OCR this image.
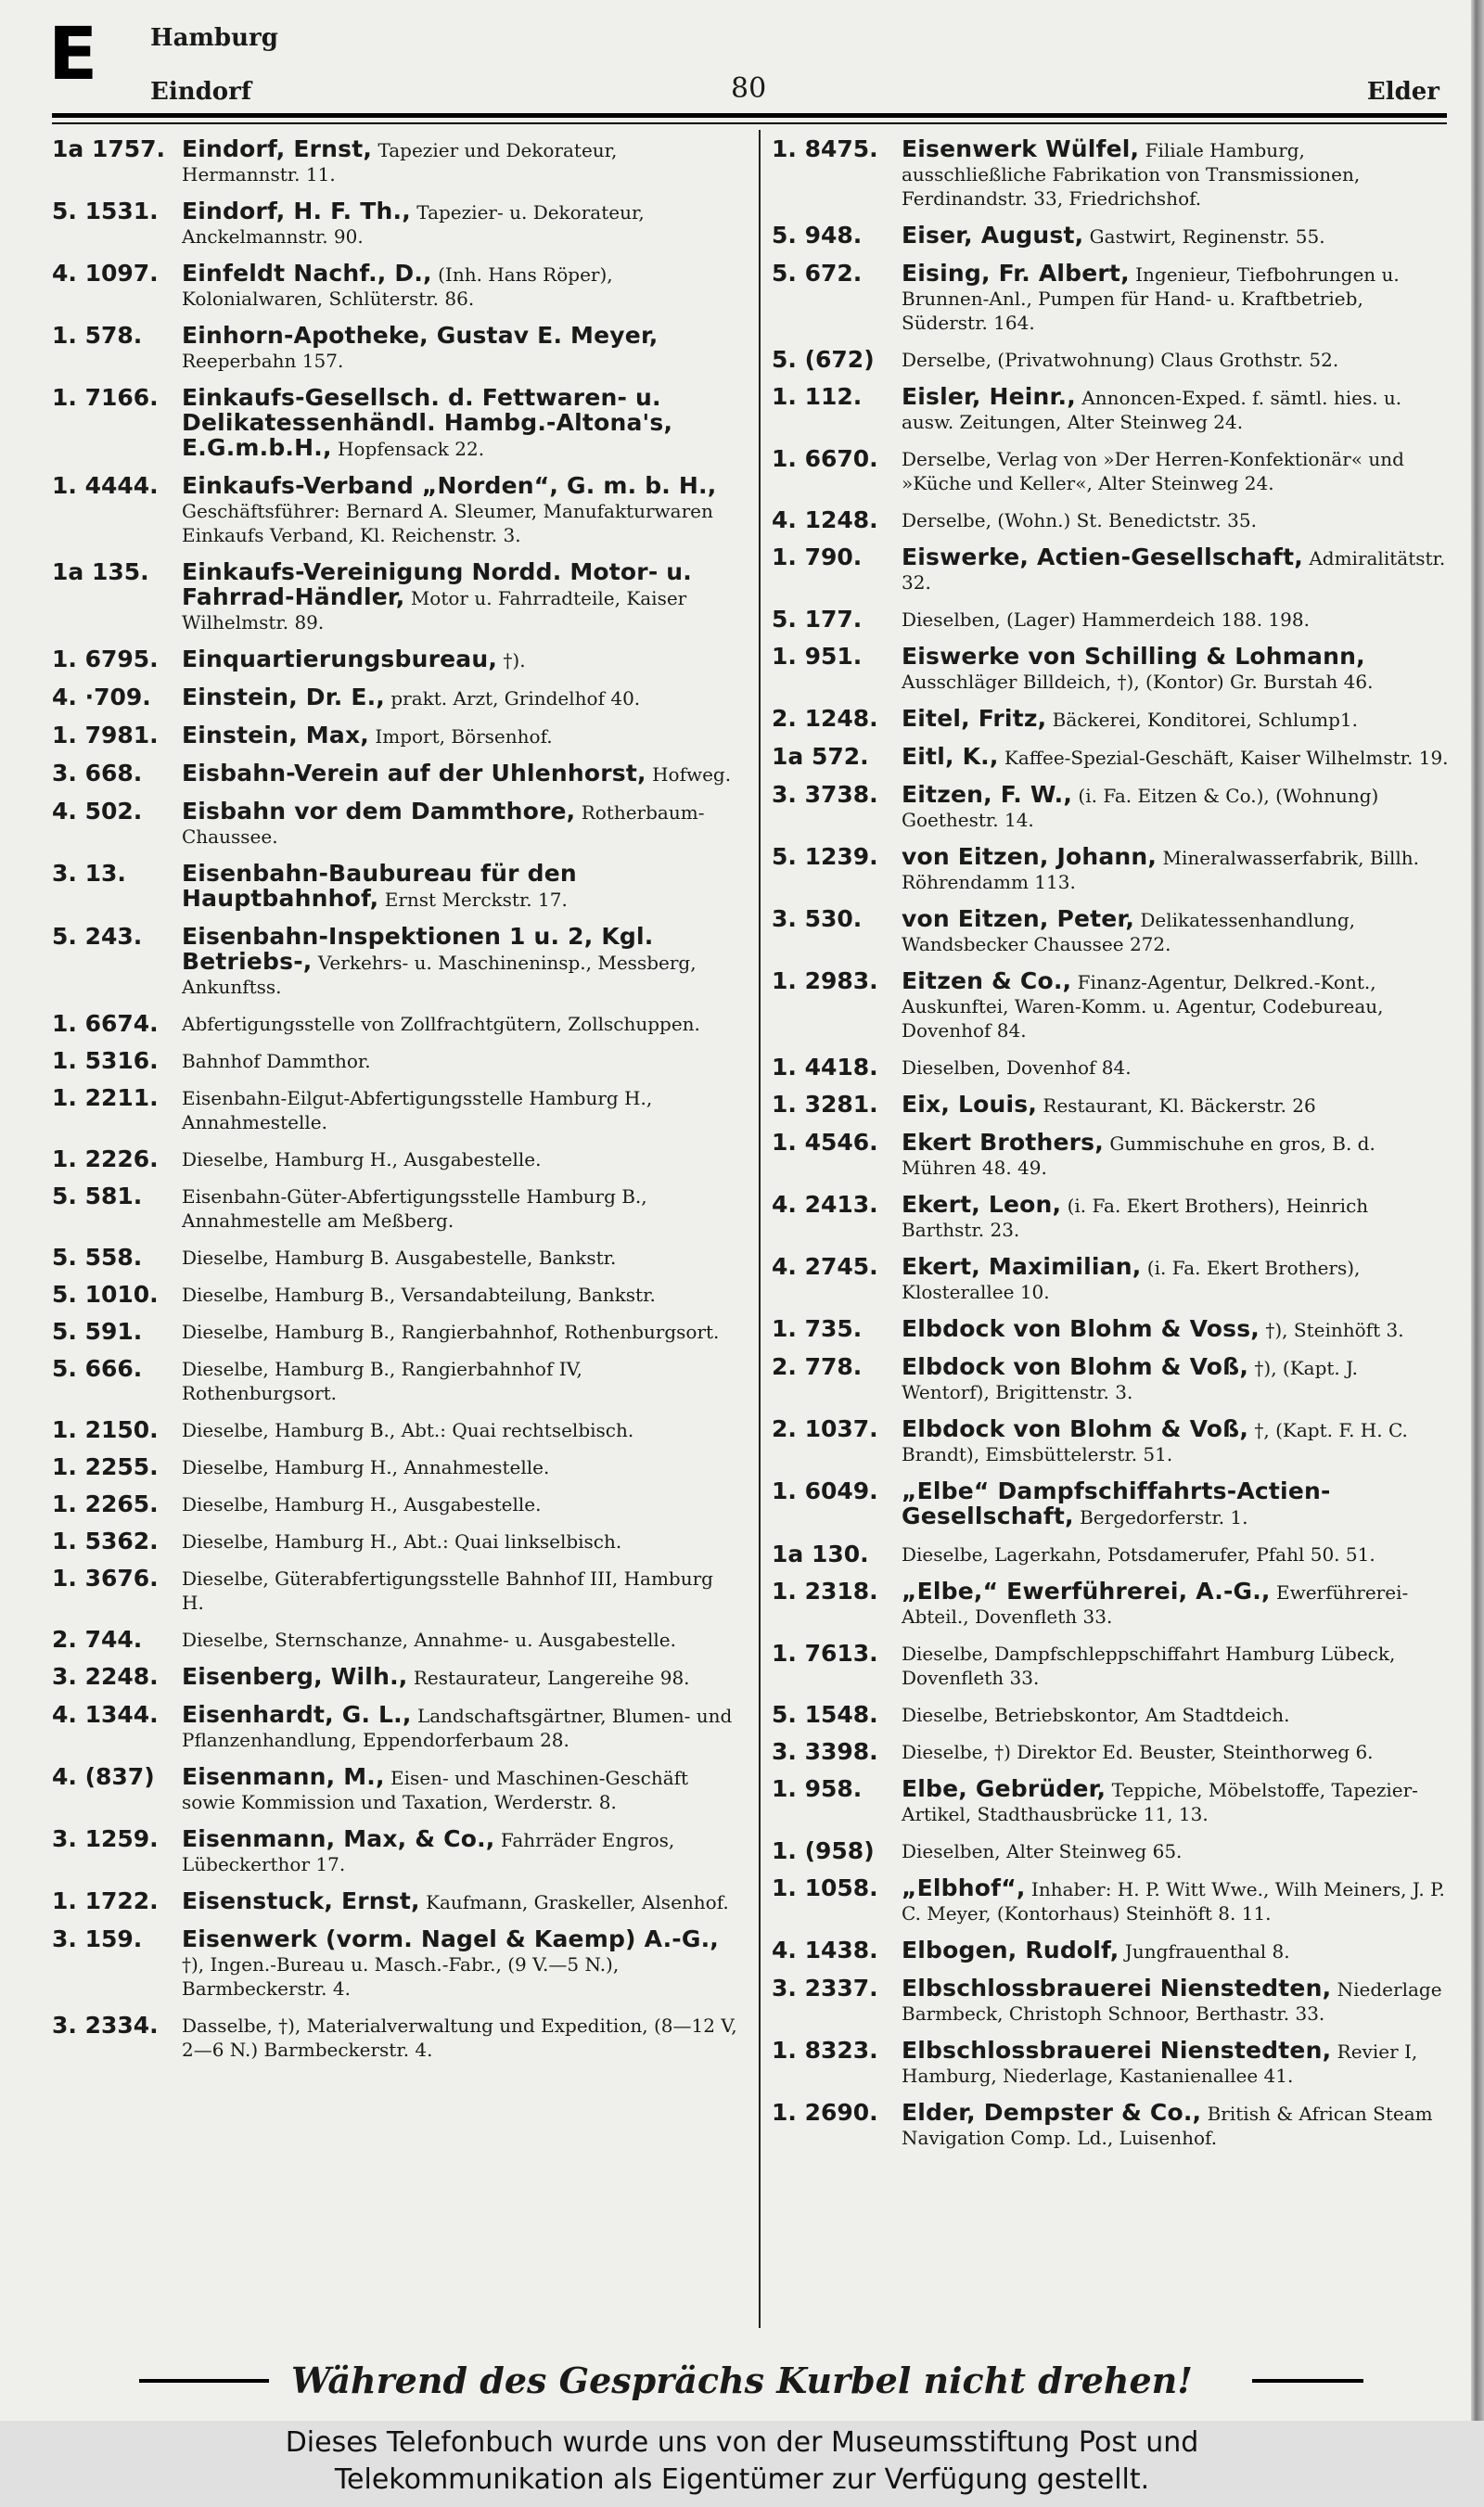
E Hamburg
Eindorf	80	Elder
1a 1757. Eindorf, Ernst, Tapezier und Dekorateur, Hermannstr. 11.
5. 1531.	Eindorf, H. F. Th., Tapezier- u. Dekorateur, Anckelmannstr. 90.
4. 1097.	Einfeldt Nachf., D., (Inh. Hans Röper), Kolonialwaren, Schlüterstr. 86.
1. 578.	Einhorn-Apotheke, Gustav E. Meyer, Reeperbahn 157.
1. 7166.	Einkaufs-Gesellsch. d. Fettwaren- u. Delikatessenhändl. Hambg.-Altona's, E.G.m.b.H., Hopfensack 22.
1. 4444.	Einkaufs-Verband „Norden“, G. m. b. H., Geschäftsführer: Bernard A. Sleumer, Manufakturwaren Einkaufs Verband, Kl. Reichenstr. 3.
1a 135.	Einkaufs-Vereinigung Nordd. Motor- u. Fahrrad-Händler, Motor u. Fahrradteile, Kaiser Wilhelmstr. 89.
1. 6795.	Einquartierungsbureau, †).
4. ·709.	Einstein, Dr. E., prakt. Arzt, Grindelhof 40.
1. 7981.	Einstein, Max, Import, Börsenhof.
3. 668.	Eisbahn-Verein auf der Uhlenhorst, Hofweg.
4. 502.	Eisbahn vor dem Dammthore, Rotherbaum-Chaussee.
3. 13.	Eisenbahn-Baubureau für den Hauptbahnhof, Ernst Merckstr. 17.
5. 243.	Eisenbahn-Inspektionen 1 u. 2, Kgl. Betriebs-, Verkehrs- u. Maschineninsp., Messberg, Ankunftss.
1. 6674.	Abfertigungsstelle von Zollfrachtgütern, Zollschuppen.
1. 5316.	Bahnhof Dammthor.
1. 2211.	Eisenbahn-Eilgut-Abfertigungsstelle Hamburg H., Annahmestelle.
1. 2226.	Dieselbe, Hamburg H., Ausgabestelle.
5. 581.	Eisenbahn-Güter-Abfertigungsstelle Hamburg B., Annahmestelle am Meßberg.
5. 558.	Dieselbe, Hamburg B. Ausgabestelle, Bankstr.
5. 1010.	Dieselbe, Hamburg B., Versandabteilung, Bankstr.
5. 591.	Dieselbe, Hamburg B., Rangierbahnhof, Rothenburgsort.
5. 666.	Dieselbe, Hamburg B., Rangierbahnhof IV, Rothenburgsort.
1. 2150.	Dieselbe, Hamburg B., Abt.: Quai rechtselbisch.
1. 2255.	Dieselbe, Hamburg H., Annahmestelle.
1. 2265.	Dieselbe, Hamburg H., Ausgabestelle.
1. 5362.	Dieselbe, Hamburg H., Abt.: Quai linkselbisch.
1. 3676.	Dieselbe, Güterabfertigungsstelle Bahnhof III, Hamburg H.
2. 744.	Dieselbe, Sternschanze, Annahme- u. Ausgabestelle.
3. 2248.	Eisenberg, Wilh., Restaurateur, Langereihe 98.
4. 1344.	Eisenhardt, G. L., Landschaftsgärtner, Blumen- und Pflanzenhandlung, Eppendorferbaum 28.
4. (837)	Eisenmann, M., Eisen- und Maschinen-Geschäft sowie Kommission und Taxation, Werderstr. 8.
3. 1259.	Eisenmann, Max, & Co., Fahrräder Engros, Lübeckerthor 17.
1. 1722.	Eisenstuck, Ernst, Kaufmann, Graskeller, Alsenhof.
3. 159.	Eisenwerk (vorm. Nagel & Kaemp) A.-G., †), Ingen.-Bureau u. Masch.-Fabr., (9 V.—5 N.), Barmbeckerstr. 4.
3. 2334.	Dasselbe, †), Materialverwaltung und Expedition, (8—12 V, 2—6 N.) Barmbeckerstr. 4.
1. 8475.	Eisenwerk Wülfel, Filiale Hamburg, ausschließliche Fabrikation von Transmissionen, Ferdinandstr. 33, Friedrichshof.
5. 948.	Eiser, August, Gastwirt, Reginenstr. 55.
5. 672.	Eising, Fr. Albert, Ingenieur, Tiefbohrungen u. Brunnen-Anl., Pumpen für Hand- u. Kraftbetrieb, Süderstr. 164.
5. (672)	Derselbe, (Privatwohnung) Claus Grothstr. 52.
1. 112.	Eisler, Heinr., Annoncen-Exped. f. sämtl. hies. u. ausw. Zeitungen, Alter Steinweg 24.
1. 6670.	Derselbe, Verlag von »Der Herren-Konfektionär« und »Küche und Keller«, Alter Steinweg 24.
4. 1248.	Derselbe, (Wohn.) St. Benedictstr. 35.
1. 790.	Eiswerke, Actien-Gesellschaft, Admiralitätstr. 32.
5. 177.	Dieselben, (Lager) Hammerdeich 188. 198.
1. 951.	Eiswerke von Schilling & Lohmann, Ausschläger Billdeich, †), (Kontor) Gr. Burstah 46.
2. 1248.	Eitel, Fritz, Bäckerei, Konditorei, Schlump1.
1a 572.	Eitl, K., Kaffee-Spezial-Geschäft, Kaiser Wilhelmstr. 19.
3. 3738.	Eitzen, F. W., (i. Fa. Eitzen & Co.), (Wohnung) Goethestr. 14.
5. 1239.	von Eitzen, Johann, Mineralwasserfabrik, Billh. Röhrendamm 113.
3. 530.	von Eitzen, Peter, Delikatessenhandlung, Wandsbecker Chaussee 272.
1. 2983.	Eitzen & Co., Finanz-Agentur, Delkred.-Kont., Auskunftei, Waren-Komm. u. Agentur, Codebureau, Dovenhof 84.
1. 4418.	Dieselben, Dovenhof 84.
1. 3281.	Eix, Louis, Restaurant, Kl. Bäckerstr. 26
1. 4546.	Ekert Brothers, Gummischuhe en gros, B. d. Mühren 48. 49.
4. 2413.	Ekert, Leon, (i. Fa. Ekert Brothers), Heinrich Barthstr. 23.
4. 2745.	Ekert, Maximilian, (i. Fa. Ekert Brothers), Klosterallee 10.
1. 735.	Elbdock von Blohm & Voss, †), Steinhöft 3.
2. 778.	Elbdock von Blohm & Voß, †), (Kapt. J. Wentorf), Brigittenstr. 3.
2. 1037.	Elbdock von Blohm & Voß, †, (Kapt. F. H. C. Brandt), Eimsbüttelerstr. 51.
1. 6049.	„Elbe“ Dampfschiffahrts-Actien-Gesellschaft, Bergedorferstr. 1.
1a 130.	Dieselbe, Lagerkahn, Potsdamerufer, Pfahl 50. 51.
1. 2318.	„Elbe,“ Ewerführerei, A.-G., Ewerführerei-Abteil., Dovenfleth 33.
1. 7613.	Dieselbe, Dampfschleppschiffahrt Hamburg Lübeck, Dovenfleth 33.
5. 1548.	Dieselbe, Betriebskontor, Am Stadtdeich.
3. 3398.	Dieselbe, †) Direktor Ed. Beuster, Steinthorweg 6.
1. 958.	Elbe, Gebrüder, Teppiche, Möbelstoffe, Tapezier-Artikel, Stadthausbrücke 11, 13.
1. (958)	Dieselben, Alter Steinweg 65.
1. 1058.	„Elbhof“, Inhaber: H. P. Witt Wwe., Wilh Meiners, J. P. C. Meyer, (Kontorhaus) Steinhöft 8. 11.
4. 1438.	Elbogen, Rudolf, Jungfrauenthal 8.
3. 2337.	Elbschlossbrauerei Nienstedten, Niederlage Barmbeck, Christoph Schnoor, Berthastr. 33.
1. 8323.	Elbschlossbrauerei Nienstedten, Revier I, Hamburg, Niederlage, Kastanienallee 41.
1. 2690.	Elder, Dempster & Co., British & African Steam Navigation Comp. Ld., Luisenhof.
Während des Gesprächs Kurbel nicht drehen!
Dieses Telefonbuch wurde uns von der Museumsstiftung Post und
Telekommunikation als Eigentümer zur Verfügung gestellt.
